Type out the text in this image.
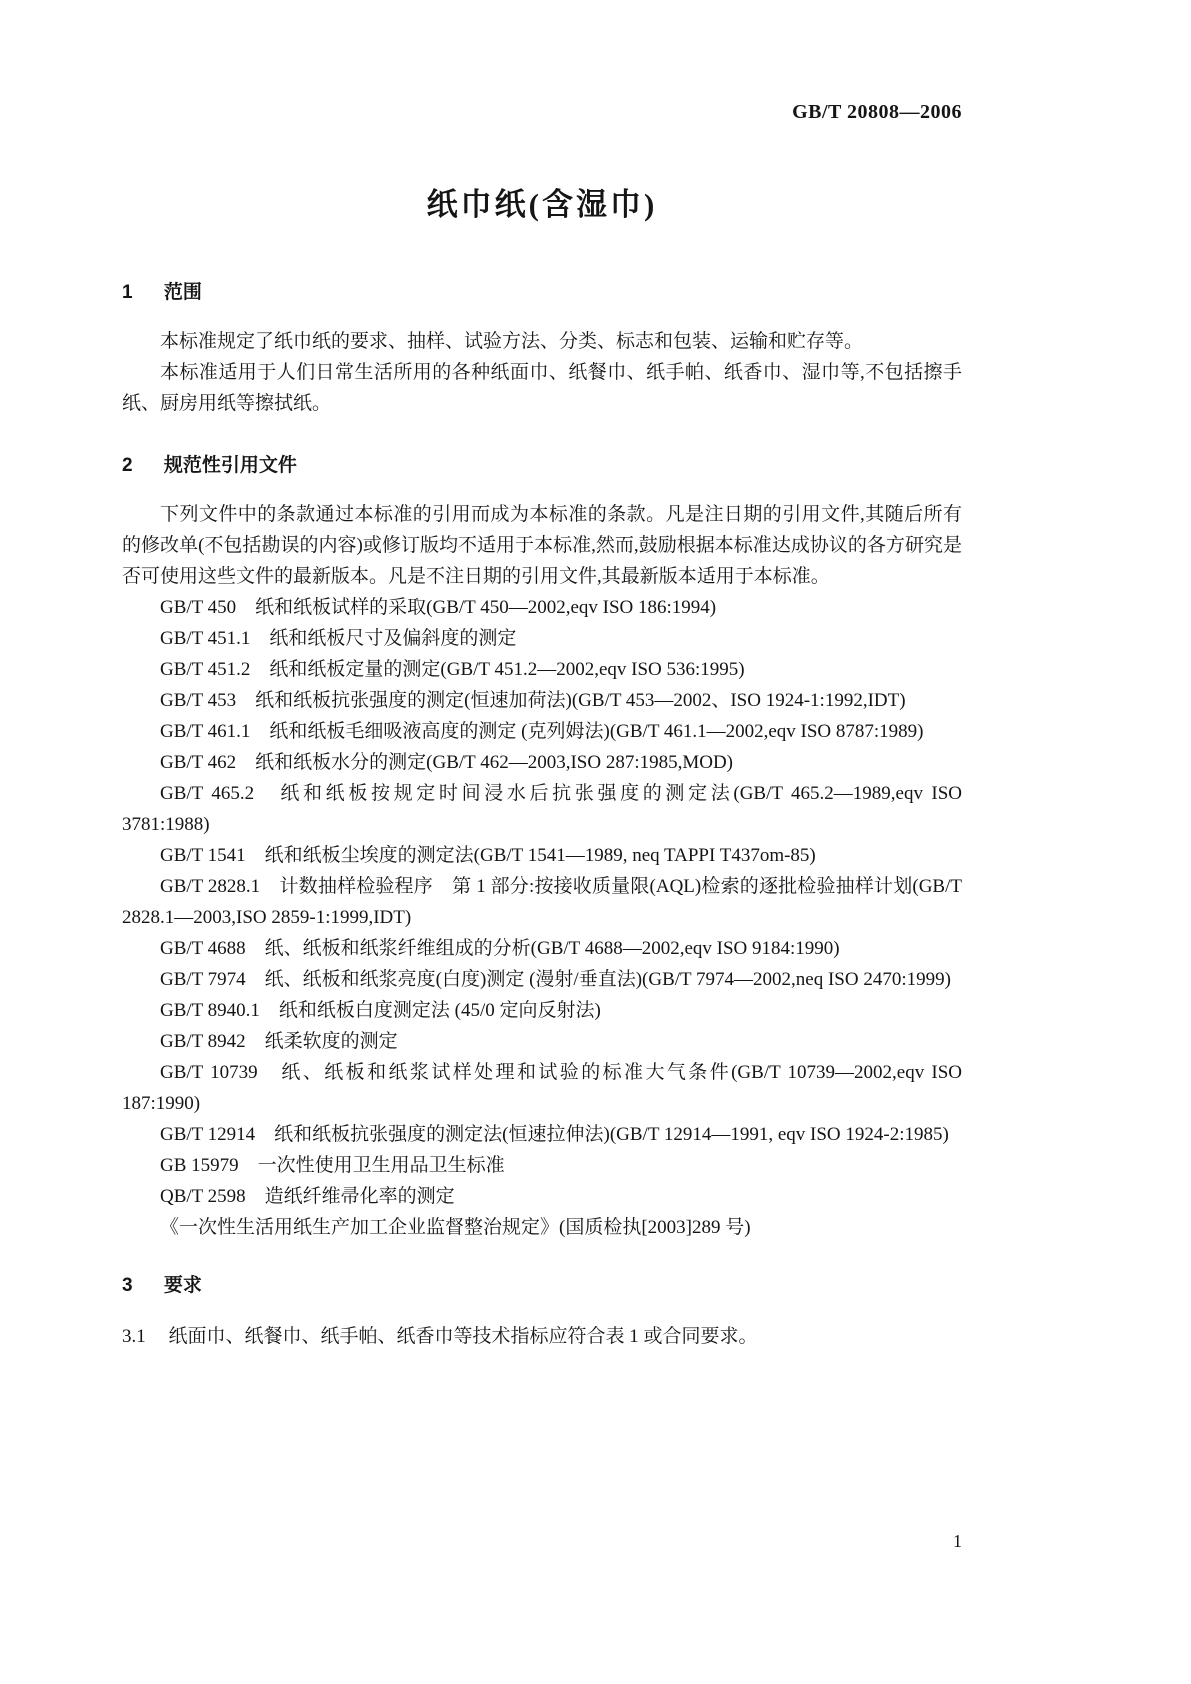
GB/T 20808—2006
纸巾纸(含湿巾)
1 范围

本标准规定了纸巾纸的要求、抽样、试验方法、分类、标志和包装、运输和贮存等。

本标准适用于人们日常生活所用的各种纸面巾、纸餐巾、纸手帕、纸香巾、湿巾等,不包括擦手纸、厨房用纸等擦拭纸。

2 规范性引用文件

下列文件中的条款通过本标准的引用而成为本标准的条款。凡是注日期的引用文件,其随后所有的修改单(不包括勘误的内容)或修订版均不适用于本标准,然而,鼓励根据本标准达成协议的各方研究是否可使用这些文件的最新版本。凡是不注日期的引用文件,其最新版本适用于本标准。

GB/T 450　纸和纸板试样的采取(GB/T 450—2002,eqv ISO 186:1994)

GB/T 451.1　纸和纸板尺寸及偏斜度的测定

GB/T 451.2　纸和纸板定量的测定(GB/T 451.2—2002,eqv ISO 536:1995)

GB/T 453　纸和纸板抗张强度的测定(恒速加荷法)(GB/T 453—2002、ISO 1924-1:1992,IDT)

GB/T 461.1　纸和纸板毛细吸液高度的测定 (克列姆法)(GB/T 461.1—2002,eqv ISO 8787:1989)

GB/T 462　纸和纸板水分的测定(GB/T 462—2003,ISO 287:1985,MOD)

GB/T 465.2　纸和纸板按规定时间浸水后抗张强度的测定法(GB/T 465.2—1989,eqv ISO 3781:1988)

GB/T 1541　纸和纸板尘埃度的测定法(GB/T 1541—1989, neq TAPPI T437om-85)

GB/T 2828.1　计数抽样检验程序　第 1 部分:按接收质量限(AQL)检索的逐批检验抽样计划(GB/T 2828.1—2003,ISO 2859-1:1999,IDT)

GB/T 4688　纸、纸板和纸浆纤维组成的分析(GB/T 4688—2002,eqv ISO 9184:1990)

GB/T 7974　纸、纸板和纸浆亮度(白度)测定 (漫射/垂直法)(GB/T 7974—2002,neq ISO 2470:1999)

GB/T 8940.1　纸和纸板白度测定法 (45/0 定向反射法)

GB/T 8942　纸柔软度的测定

GB/T 10739　纸、纸板和纸浆试样处理和试验的标准大气条件(GB/T 10739—2002,eqv ISO 187:1990)

GB/T 12914　纸和纸板抗张强度的测定法(恒速拉伸法)(GB/T 12914—1991, eqv ISO 1924-2:1985)

GB 15979　一次性使用卫生用品卫生标准

QB/T 2598　造纸纤维帚化率的测定

《一次性生活用纸生产加工企业监督整治规定》(国质检执[2003]289 号)

3 要求

3.1 纸面巾、纸餐巾、纸手帕、纸香巾等技术指标应符合表 1 或合同要求。

1
